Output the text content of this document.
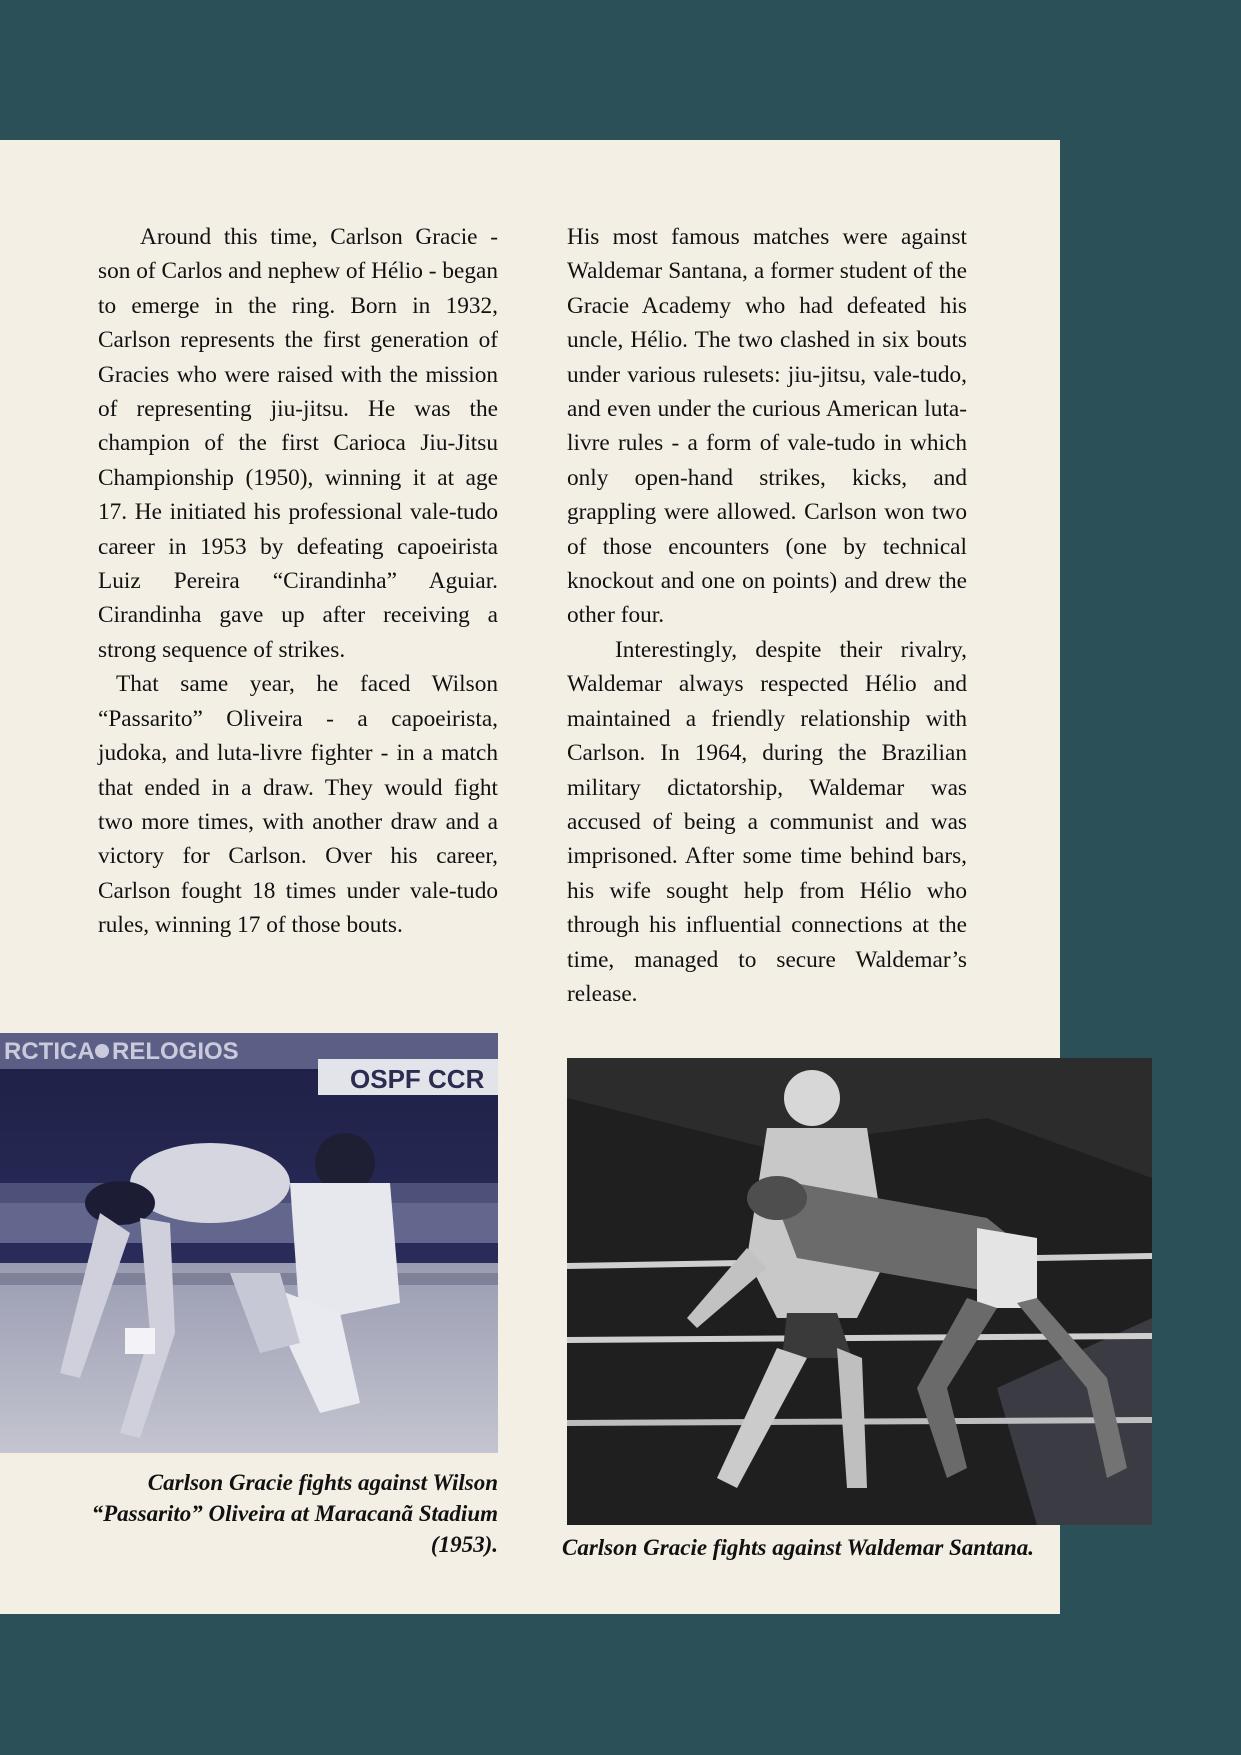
Around this time, Carlson Gracie - son of Carlos and nephew of Hélio - began to emerge in the ring. Born in 1932, Carlson represents the first generation of Gracies who were raised with the mission of representing jiu-jitsu. He was the champion of the first Carioca Jiu-Jitsu Championship (1950), winning it at age 17. He initiated his professional vale-tudo career in 1953 by defeating capoeirista Luiz Pereira “Cirandinha” Aguiar. Cirandinha gave up after receiving a strong sequence of strikes.

That same year, he faced Wilson “Passarito” Oliveira - a capoeirista, judoka, and luta-livre fighter - in a match that ended in a draw. They would fight two more times, with another draw and a victory for Carlson. Over his career, Carlson fought 18 times under vale-tudo rules, winning 17 of those bouts.

His most famous matches were against Waldemar Santana, a former student of the Gracie Academy who had defeated his uncle, Hélio. The two clashed in six bouts under various rulesets: jiu-jitsu, vale-tudo, and even under the curious American luta-livre rules - a form of vale-tudo in which only open-hand strikes, kicks, and grappling were allowed. Carlson won two of those encounters (one by technical knockout and one on points) and drew the other four.

Interestingly, despite their rivalry, Waldemar always respected Hélio and maintained a friendly relationship with Carlson. In 1964, during the Brazilian military dictatorship, Waldemar was accused of being a communist and was imprisoned. After some time behind bars, his wife sought help from Hélio who through his influential connections at the time, managed to secure Waldemar’s release.

RCTICA RELOGIOS
OSPF CCR
Carlson Gracie fights against Wilson “Passarito” Oliveira at Maracanã Stadium (1953).	Carlson Gracie fights against Waldemar Santana.
